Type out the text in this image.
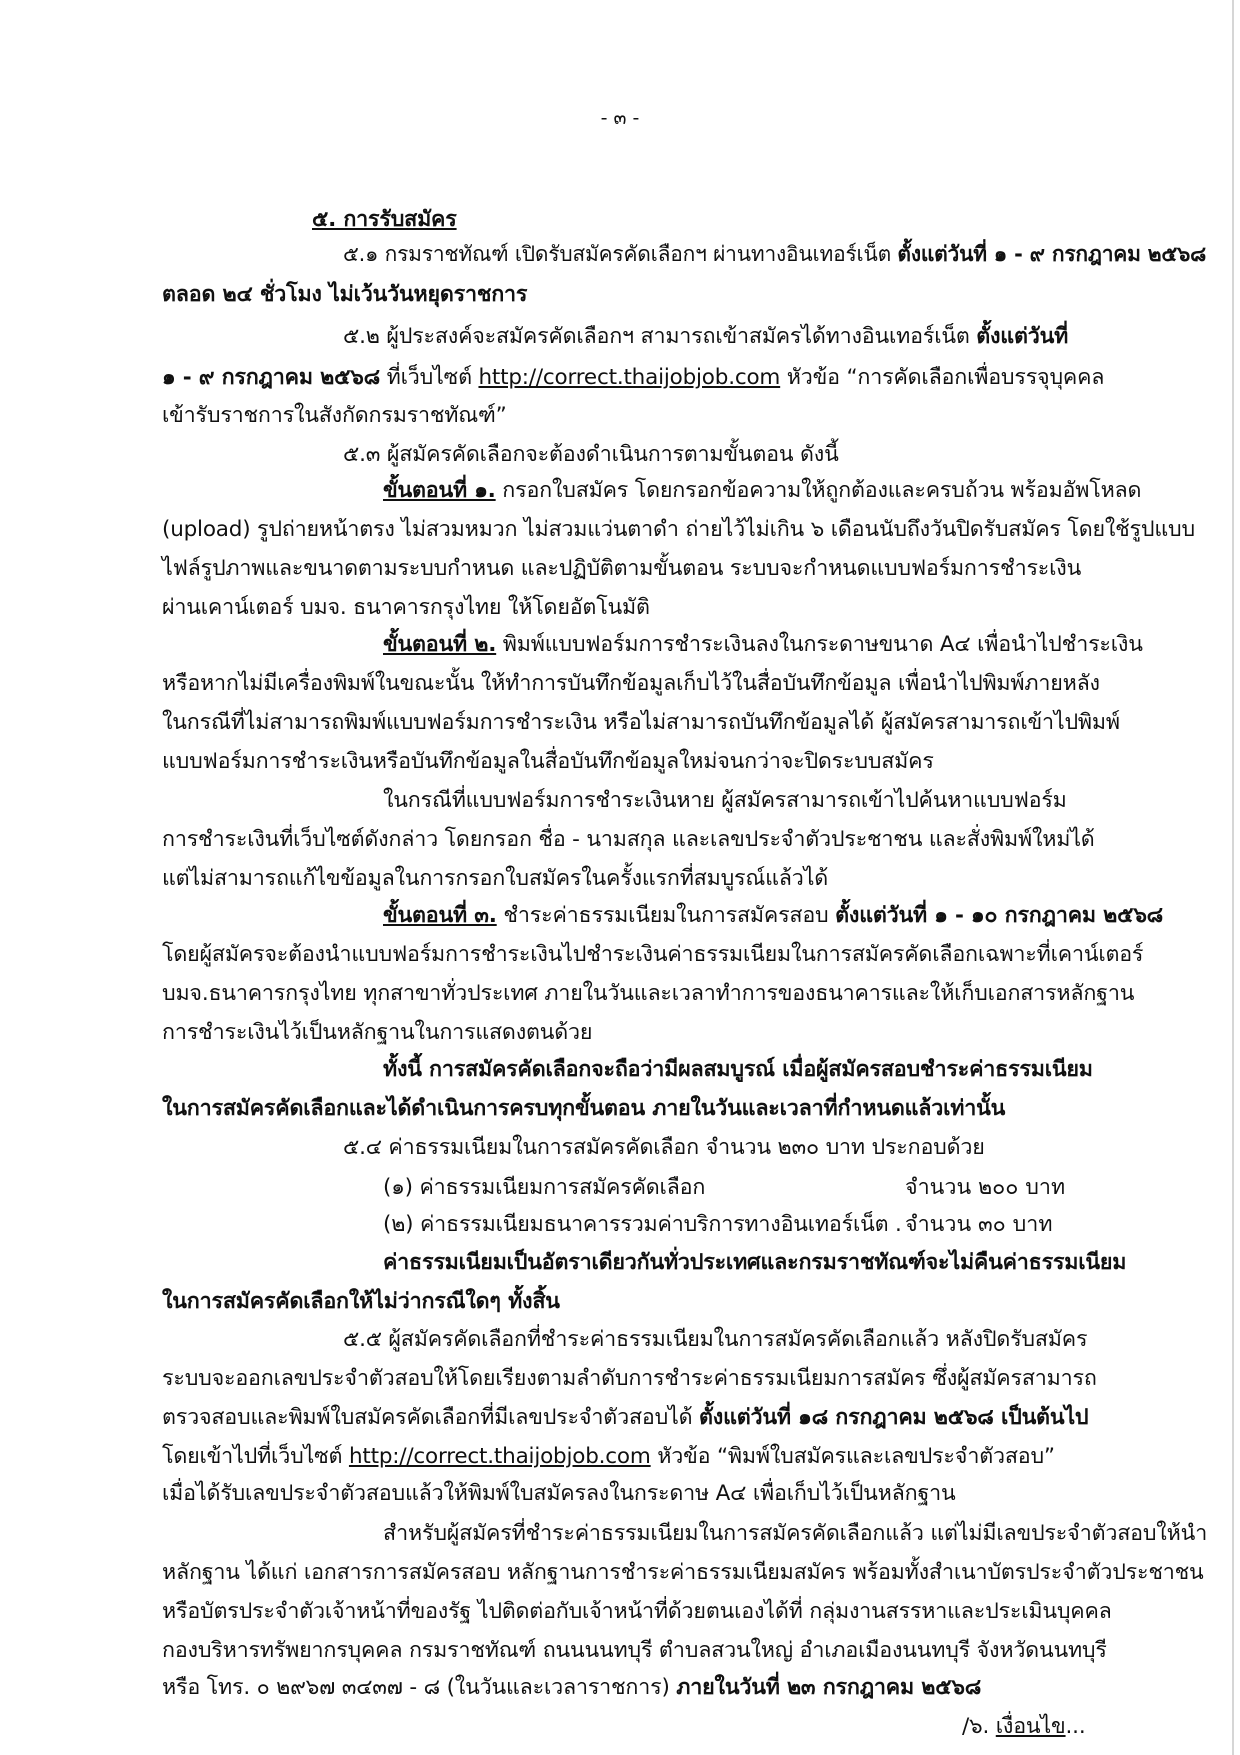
- ๓ -
๕. การรับสมัคร
๕.๑ กรมราชทัณฑ์ เปิดรับสมัครคัดเลือกฯ ผ่านทางอินเทอร์เน็ต ตั้งแต่วันที่ ๑ - ๙ กรกฎาคม ๒๕๖๘
ตลอด ๒๔ ชั่วโมง ไม่เว้นวันหยุดราชการ
๕.๒ ผู้ประสงค์จะสมัครคัดเลือกฯ สามารถเข้าสมัครได้ทางอินเทอร์เน็ต ตั้งแต่วันที่
๑ - ๙ กรกฎาคม ๒๕๖๘ ที่เว็บไซต์ http://correct.thaijobjob.com หัวข้อ “การคัดเลือกเพื่อบรรจุบุคคล
เข้ารับราชการในสังกัดกรมราชทัณฑ์”
๕.๓ ผู้สมัครคัดเลือกจะต้องดำเนินการตามขั้นตอน ดังนี้
ขั้นตอนที่ ๑. กรอกใบสมัคร โดยกรอกข้อความให้ถูกต้องและครบถ้วน พร้อมอัพโหลด
(upload) รูปถ่ายหน้าตรง ไม่สวมหมวก ไม่สวมแว่นตาดำ ถ่ายไว้ไม่เกิน ๖ เดือนนับถึงวันปิดรับสมัคร โดยใช้รูปแบบ
ไฟล์รูปภาพและขนาดตามระบบกำหนด และปฏิบัติตามขั้นตอน ระบบจะกำหนดแบบฟอร์มการชำระเงิน
ผ่านเคาน์เตอร์ บมจ. ธนาคารกรุงไทย ให้โดยอัตโนมัติ
ขั้นตอนที่ ๒. พิมพ์แบบฟอร์มการชำระเงินลงในกระดาษขนาด A๔ เพื่อนำไปชำระเงิน
หรือหากไม่มีเครื่องพิมพ์ในขณะนั้น ให้ทำการบันทึกข้อมูลเก็บไว้ในสื่อบันทึกข้อมูล เพื่อนำไปพิมพ์ภายหลัง
ในกรณีที่ไม่สามารถพิมพ์แบบฟอร์มการชำระเงิน หรือไม่สามารถบันทึกข้อมูลได้ ผู้สมัครสามารถเข้าไปพิมพ์
แบบฟอร์มการชำระเงินหรือบันทึกข้อมูลในสื่อบันทึกข้อมูลใหม่จนกว่าจะปิดระบบสมัคร
ในกรณีที่แบบฟอร์มการชำระเงินหาย ผู้สมัครสามารถเข้าไปค้นหาแบบฟอร์ม
การชำระเงินที่เว็บไซต์ดังกล่าว โดยกรอก ชื่อ - นามสกุล และเลขประจำตัวประชาชน และสั่งพิมพ์ใหม่ได้
แต่ไม่สามารถแก้ไขข้อมูลในการกรอกใบสมัครในครั้งแรกที่สมบูรณ์แล้วได้
ขั้นตอนที่ ๓. ชำระค่าธรรมเนียมในการสมัครสอบ ตั้งแต่วันที่ ๑ - ๑๐ กรกฎาคม ๒๕๖๘
โดยผู้สมัครจะต้องนำแบบฟอร์มการชำระเงินไปชำระเงินค่าธรรมเนียมในการสมัครคัดเลือกเฉพาะที่เคาน์เตอร์
บมจ.ธนาคารกรุงไทย ทุกสาขาทั่วประเทศ ภายในวันและเวลาทำการของธนาคารและให้เก็บเอกสารหลักฐาน
การชำระเงินไว้เป็นหลักฐานในการแสดงตนด้วย
ทั้งนี้ การสมัครคัดเลือกจะถือว่ามีผลสมบูรณ์ เมื่อผู้สมัครสอบชำระค่าธรรมเนียม
ในการสมัครคัดเลือกและได้ดำเนินการครบทุกขั้นตอน ภายในวันและเวลาที่กำหนดแล้วเท่านั้น
๕.๔ ค่าธรรมเนียมในการสมัครคัดเลือก จำนวน ๒๓๐ บาท ประกอบด้วย
(๑) ค่าธรรมเนียมการสมัครคัดเลือก	จำนวน ๒๐๐ บาท
(๒) ค่าธรรมเนียมธนาคารรวมค่าบริการทางอินเทอร์เน็ต . จำนวน ๓๐ บาท
ค่าธรรมเนียมเป็นอัตราเดียวกันทั่วประเทศและกรมราชทัณฑ์จะไม่คืนค่าธรรมเนียม
ในการสมัครคัดเลือกให้ไม่ว่ากรณีใดๆ ทั้งสิ้น
๕.๕ ผู้สมัครคัดเลือกที่ชำระค่าธรรมเนียมในการสมัครคัดเลือกแล้ว หลังปิดรับสมัคร
ระบบจะออกเลขประจำตัวสอบให้โดยเรียงตามลำดับการชำระค่าธรรมเนียมการสมัคร ซึ่งผู้สมัครสามารถ
ตรวจสอบและพิมพ์ใบสมัครคัดเลือกที่มีเลขประจำตัวสอบได้ ตั้งแต่วันที่ ๑๘ กรกฎาคม ๒๕๖๘ เป็นต้นไป
โดยเข้าไปที่เว็บไซต์ http://correct.thaijobjob.com หัวข้อ “พิมพ์ใบสมัครและเลขประจำตัวสอบ”
เมื่อได้รับเลขประจำตัวสอบแล้วให้พิมพ์ใบสมัครลงในกระดาษ A๔ เพื่อเก็บไว้เป็นหลักฐาน
สำหรับผู้สมัครที่ชำระค่าธรรมเนียมในการสมัครคัดเลือกแล้ว แต่ไม่มีเลขประจำตัวสอบให้นำ
หลักฐาน ได้แก่ เอกสารการสมัครสอบ หลักฐานการชำระค่าธรรมเนียมสมัคร พร้อมทั้งสำเนาบัตรประจำตัวประชาชน
หรือบัตรประจำตัวเจ้าหน้าที่ของรัฐ ไปติดต่อกับเจ้าหน้าที่ด้วยตนเองได้ที่ กลุ่มงานสรรหาและประเมินบุคคล
กองบริหารทรัพยากรบุคคล กรมราชทัณฑ์ ถนนนนทบุรี ตำบลสวนใหญ่ อำเภอเมืองนนทบุรี จังหวัดนนทบุรี
หรือ โทร. ๐ ๒๙๖๗ ๓๔๓๗ - ๘ (ในวันและเวลาราชการ) ภายในวันที่ ๒๓ กรกฎาคม ๒๕๖๘
/๖. เงื่อนไข...
